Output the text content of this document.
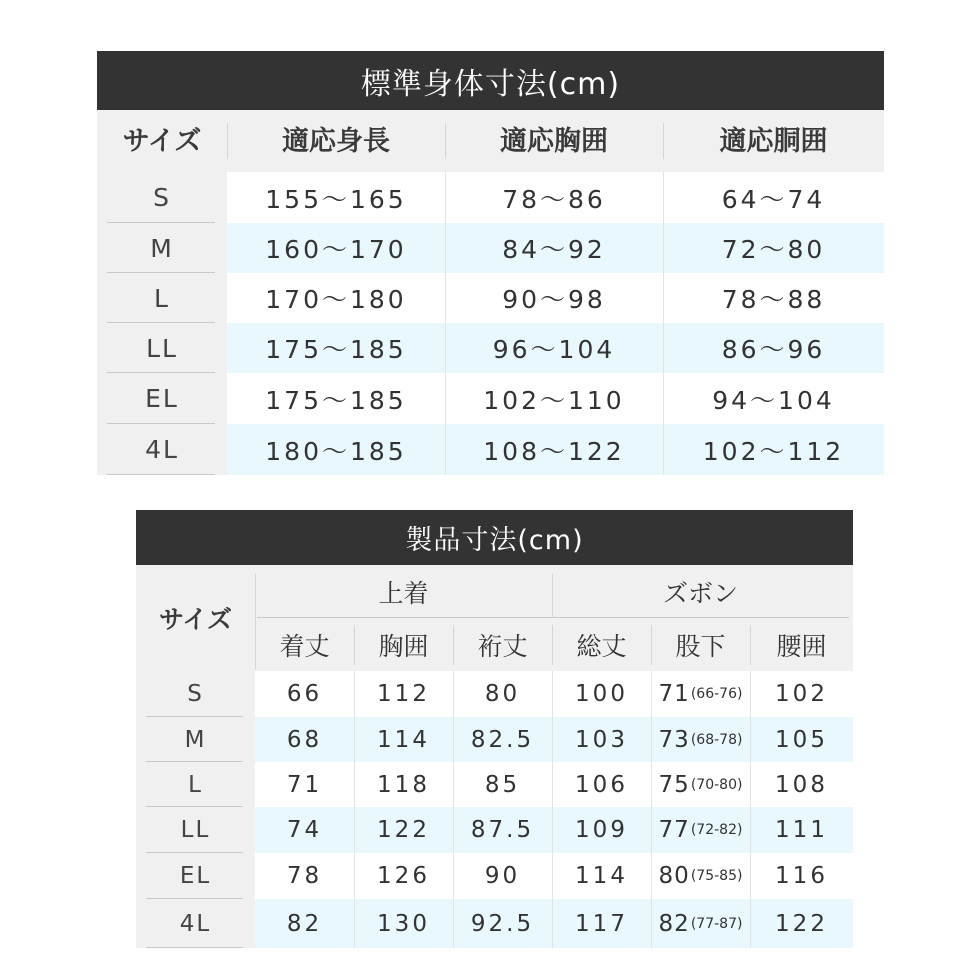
標準身体寸法(cm)
サイズ	適応身長	適応胸囲	適応胴囲
S	155～165	78～86	64～74
M	160～170	84～92	72～80
L	170～180	90～98	78～88
LL	175～185	96～104	86～96
EL	175～185	102～110	94～104
4L	180～185	108～122	102～112
製品寸法(cm)
サイズ
上着	ズボン
着丈	胸囲	裄丈	総丈	股下	腰囲
S	66	112	80	100	71 (66-76)	102
M	68	114	82.5	103	73 (68-78)	105
L	71	118	85	106	75 (70-80)	108
LL	74	122	87.5	109	77 (72-82)	111
EL	78	126	90	114	80 (75-85)	116
4L	82	130	92.5	117	82 (77-87)	122
